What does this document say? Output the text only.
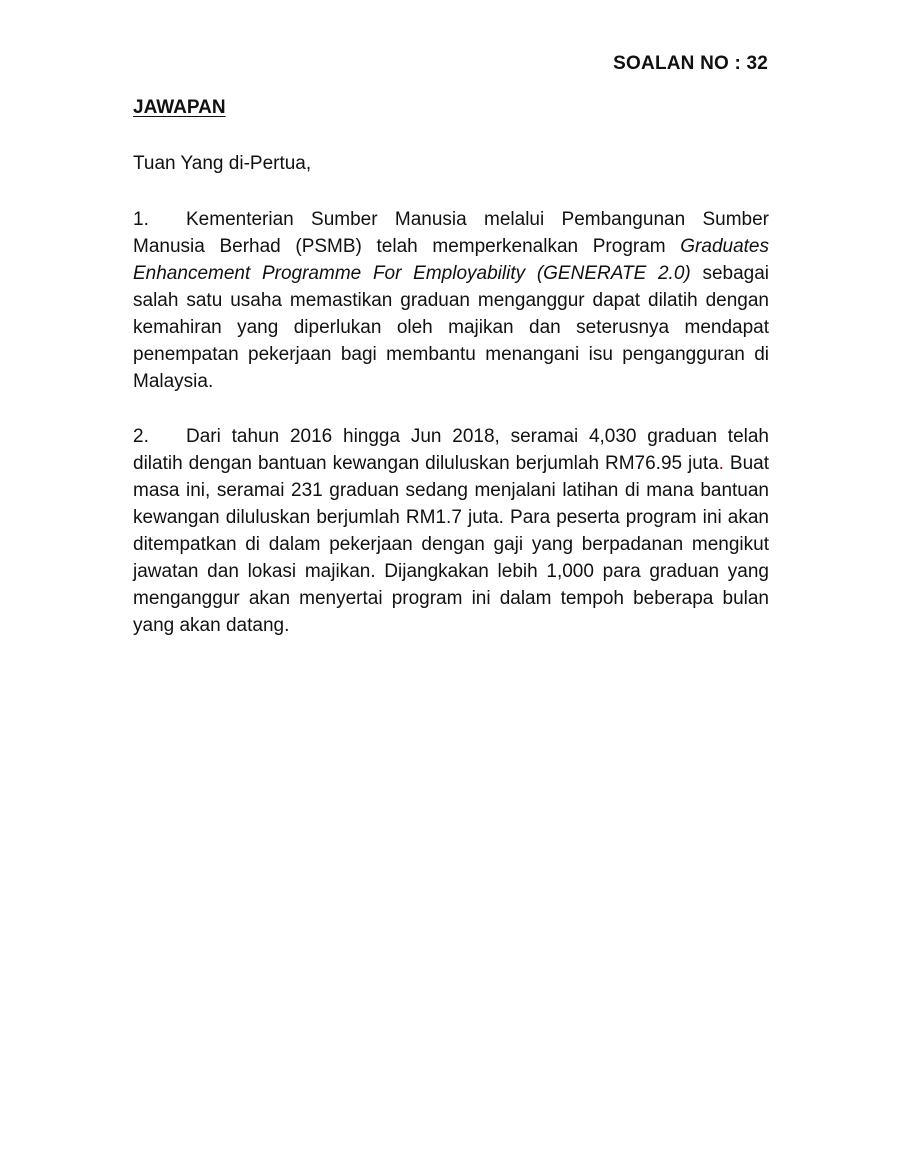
SOALAN NO : 32
JAWAPAN
Tuan Yang di-Pertua,

1. Kementerian Sumber Manusia melalui Pembangunan Sumber Manusia Berhad (PSMB) telah memperkenalkan Program Graduates Enhancement Programme For Employability (GENERATE 2.0) sebagai salah satu usaha memastikan graduan menganggur dapat dilatih dengan kemahiran yang diperlukan oleh majikan dan seterusnya mendapat penempatan pekerjaan bagi membantu menangani isu pengangguran di Malaysia.

2. Dari tahun 2016 hingga Jun 2018, seramai 4,030 graduan telah dilatih dengan bantuan kewangan diluluskan berjumlah RM76.95 juta. Buat masa ini, seramai 231 graduan sedang menjalani latihan di mana bantuan kewangan diluluskan berjumlah RM1.7 juta. Para peserta program ini akan ditempatkan di dalam pekerjaan dengan gaji yang berpadanan mengikut jawatan dan lokasi majikan. Dijangkakan lebih 1,000 para graduan yang menganggur akan menyertai program ini dalam tempoh beberapa bulan yang akan datang.
